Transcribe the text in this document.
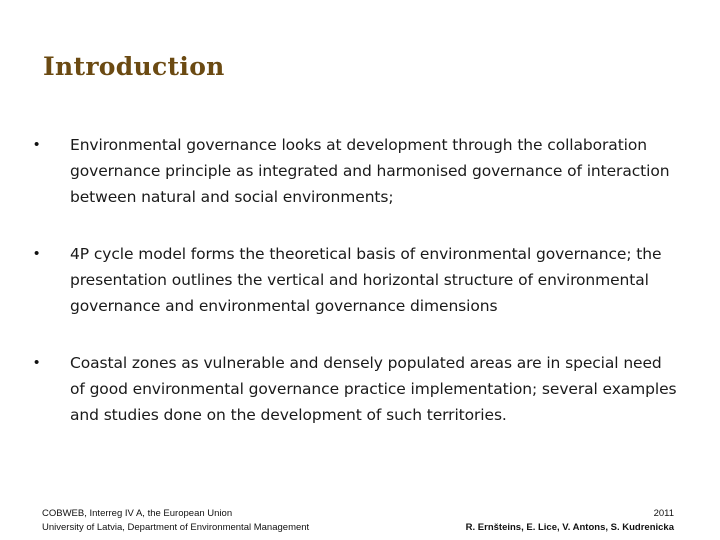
Introduction
•	Environmental governance looks at development through the collaboration governance principle as integrated and harmonised governance of interaction between natural and social environments;
•	4P cycle model forms the theoretical basis of environmental governance; the presentation outlines the vertical and horizontal structure of environmental governance and environmental governance dimensions
•	Coastal zones as vulnerable and densely populated areas are in special need of good environmental governance practice implementation; several examples and studies done on the development of such territories.
COBWEB, Interreg IV A, the European Union
University of Latvia, Department of Environmental Management
2011
R. Ernšteins, E. Lice, V. Antons, S. Kudrenicka
